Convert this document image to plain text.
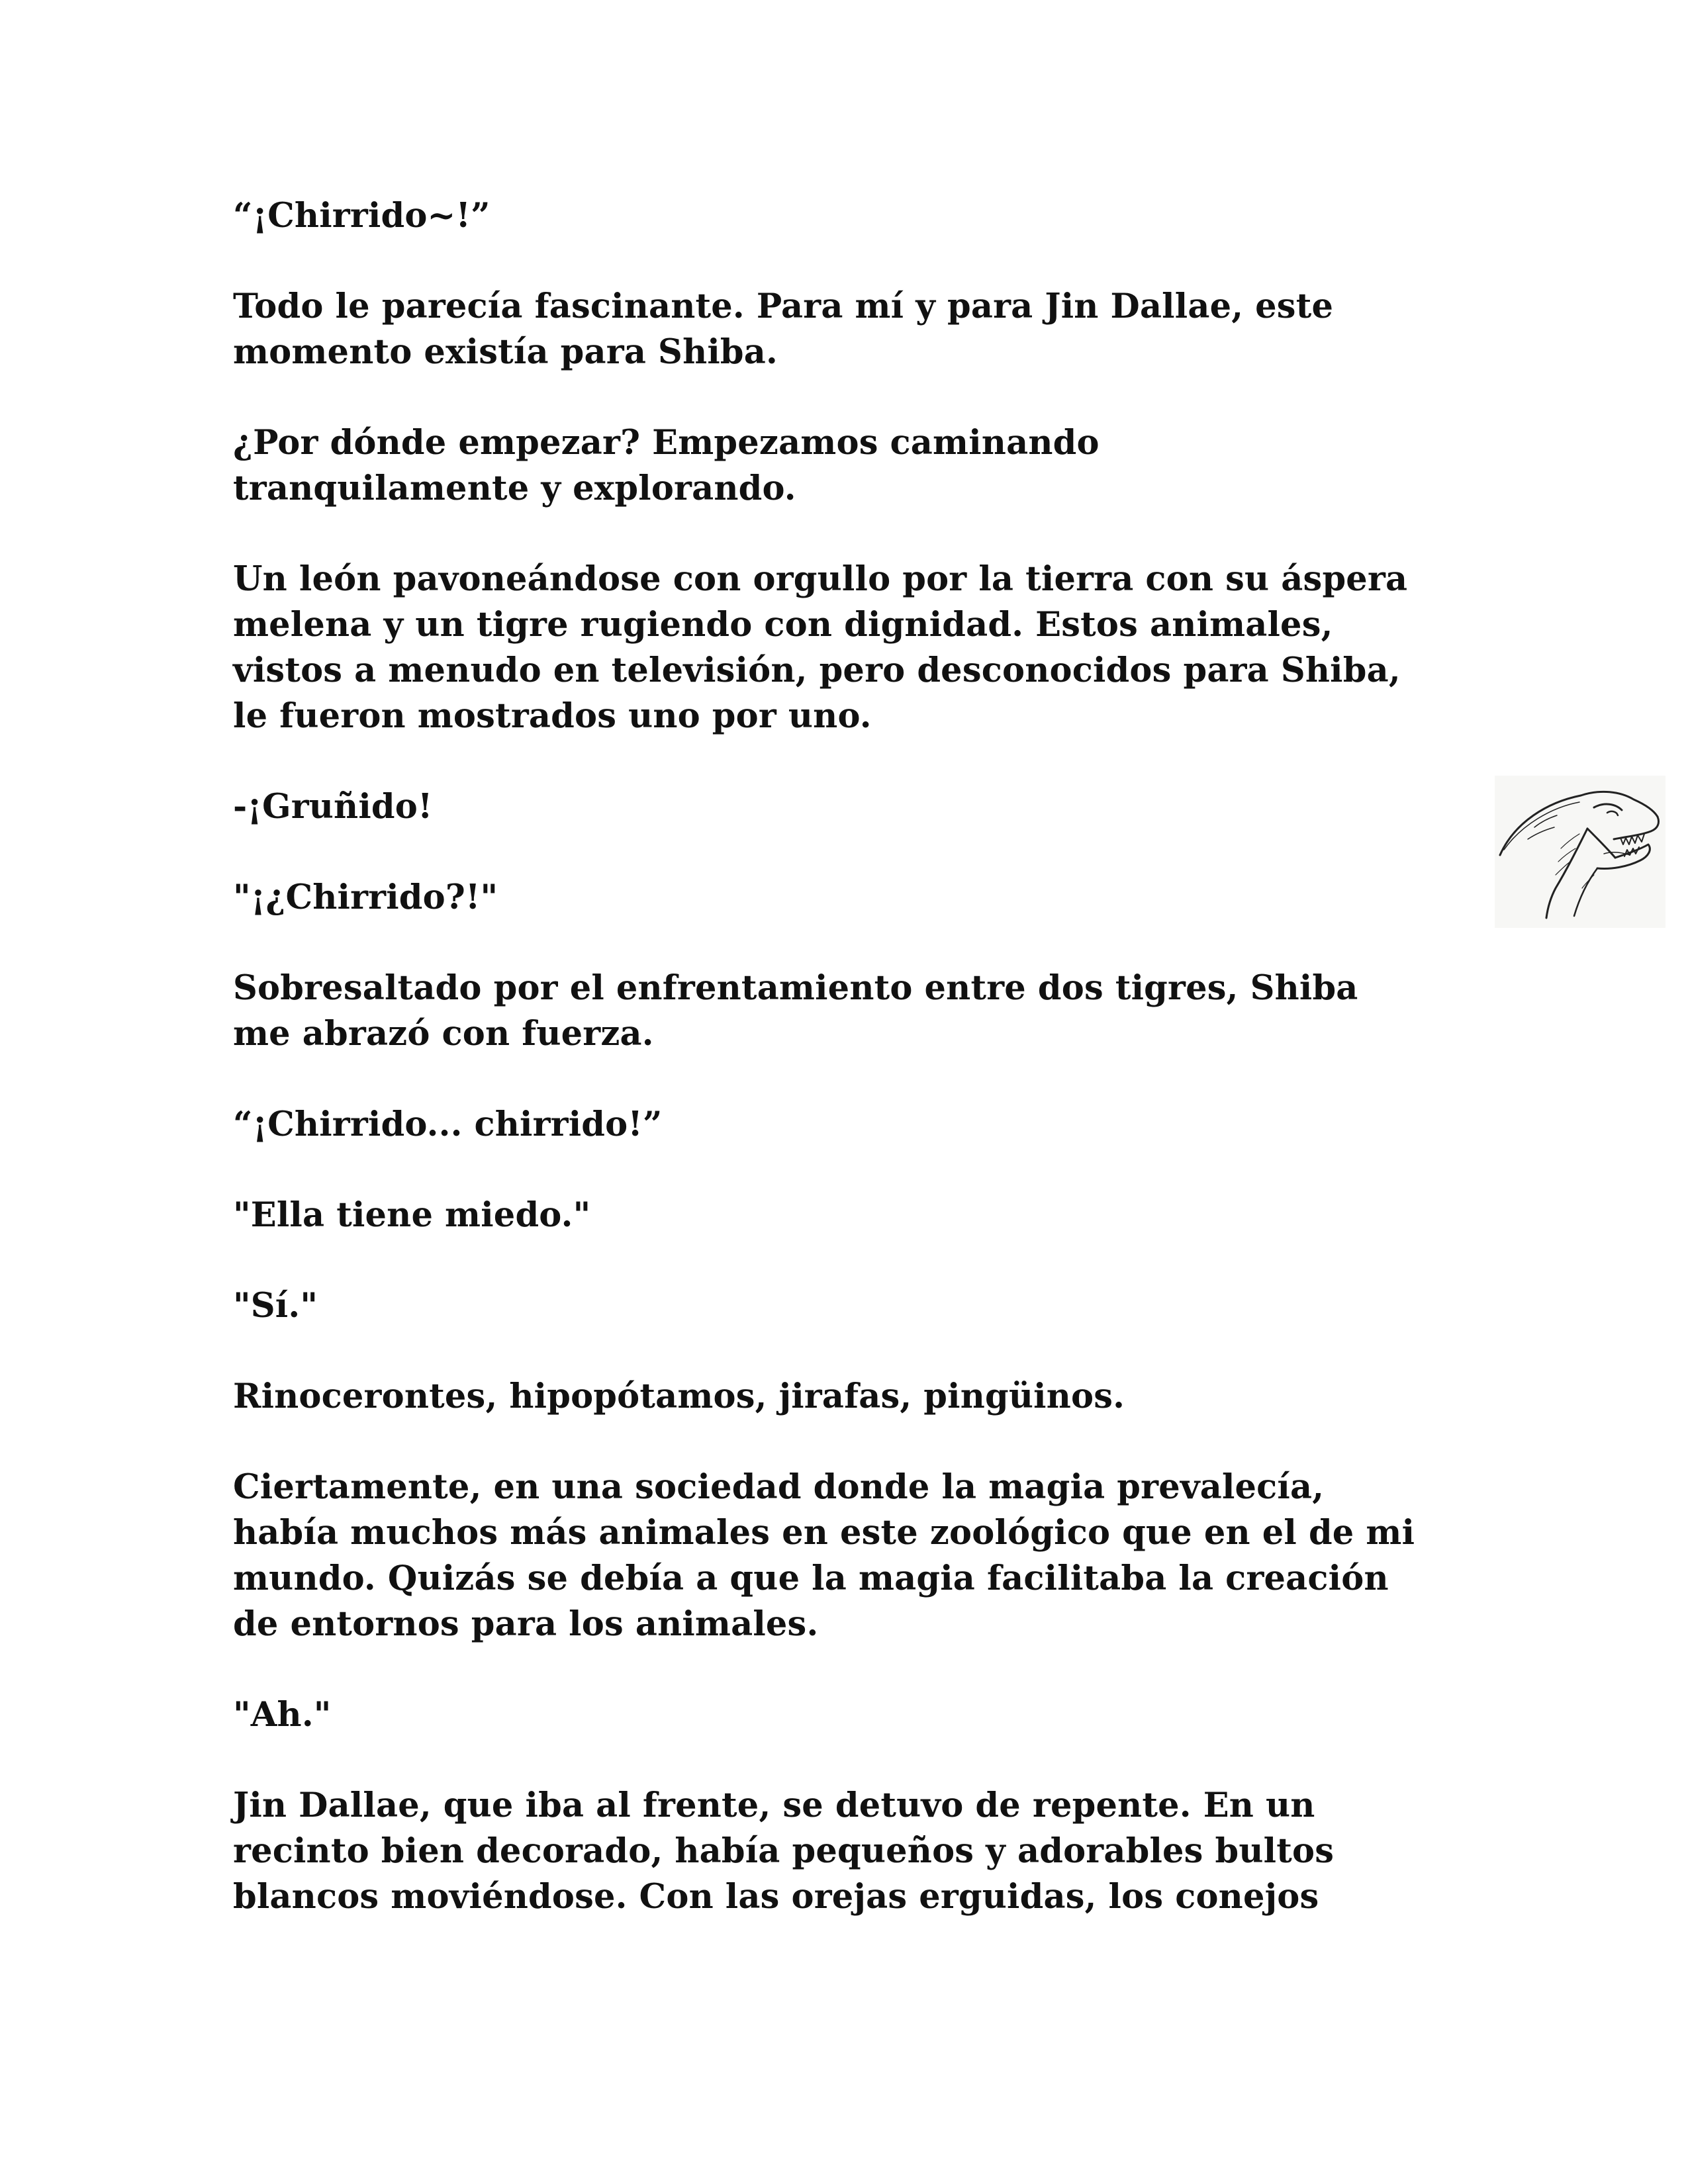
“¡Chirrido~!”

Todo le parecía fascinante. Para mí y para Jin Dallae, este
momento existía para Shiba.

¿Por dónde empezar? Empezamos caminando
tranquilamente y explorando.

Un león pavoneándose con orgullo por la tierra con su áspera
melena y un tigre rugiendo con dignidad. Estos animales,
vistos a menudo en televisión, pero desconocidos para Shiba,
le fueron mostrados uno por uno.

-¡Gruñido!

"¡¿Chirrido?!"

Sobresaltado por el enfrentamiento entre dos tigres, Shiba
me abrazó con fuerza.

“¡Chirrido... chirrido!”

"Ella tiene miedo."

"Sí."

Rinocerontes, hipopótamos, jirafas, pingüinos.

Ciertamente, en una sociedad donde la magia prevalecía,
había muchos más animales en este zoológico que en el de mi
mundo. Quizás se debía a que la magia facilitaba la creación
de entornos para los animales.

"Ah."

Jin Dallae, que iba al frente, se detuvo de repente. En un
recinto bien decorado, había pequeños y adorables bultos
blancos moviéndose. Con las orejas erguidas, los conejos
